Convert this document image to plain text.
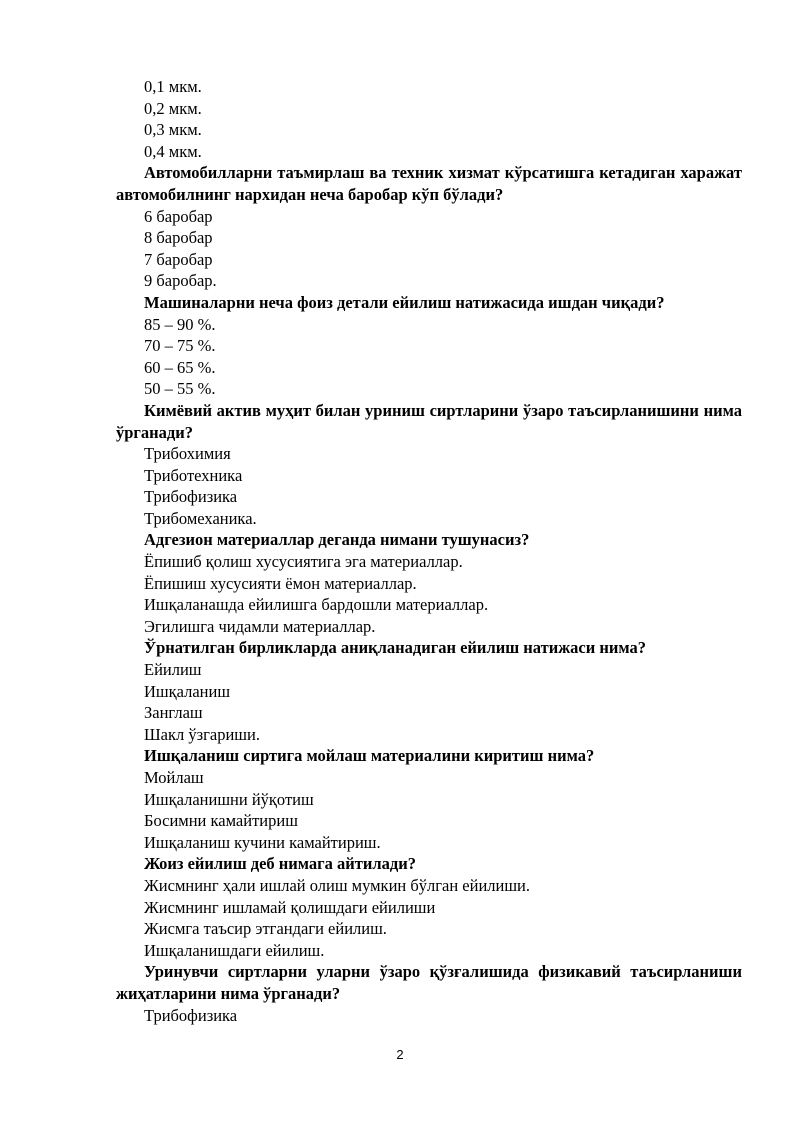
0,1 мкм.

0,2 мкм.

0,3 мкм.

0,4 мкм.

Автомобилларни таъмирлаш ва техник хизмат кўрсатишга кетадиган харажат автомобилнинг нархидан неча баробар кўп бўлади?

6 баробар

8 баробар

7 баробар

9 баробар.

Машиналарни неча фоиз детали ейилиш натижасида ишдан чиқади?

85 – 90 %.

70 – 75 %.

60 – 65 %.

50 – 55 %.

Кимёвий актив муҳит билан уриниш сиртларини ўзаро таъсирланишини нима ўрганади?

Трибохимия

Триботехника

Трибофизика

Трибомеханика.

Адгезион материаллар деганда нимани тушунасиз?

Ёпишиб қолиш хусусиятига эга материаллар.

Ёпишиш хусусияти ёмон материаллар.

Ишқаланашда ейилишга бардошли материаллар.

Эгилишга чидамли материаллар.

Ўрнатилган бирликларда аниқланадиган ейилиш натижаси нима?

Ейилиш

Ишқаланиш

Занглаш

Шакл ўзгариши.

Ишқаланиш сиртига мойлаш материалини киритиш нима?

Мойлаш

Ишқаланишни йўқотиш

Босимни камайтириш

Ишқаланиш кучини камайтириш.

Жоиз ейилиш деб нимага айтилади?

Жисмнинг ҳали ишлай олиш мумкин бўлган ейилиши.

Жисмнинг ишламай қолишдаги ейилиши

Жисмга таъсир этгандаги ейилиш.

Ишқаланишдаги ейилиш.

Уринувчи сиртларни уларни ўзаро қўзғалишида физикавий таъсирланиши жиҳатларини нима ўрганади?

Трибофизика

2
